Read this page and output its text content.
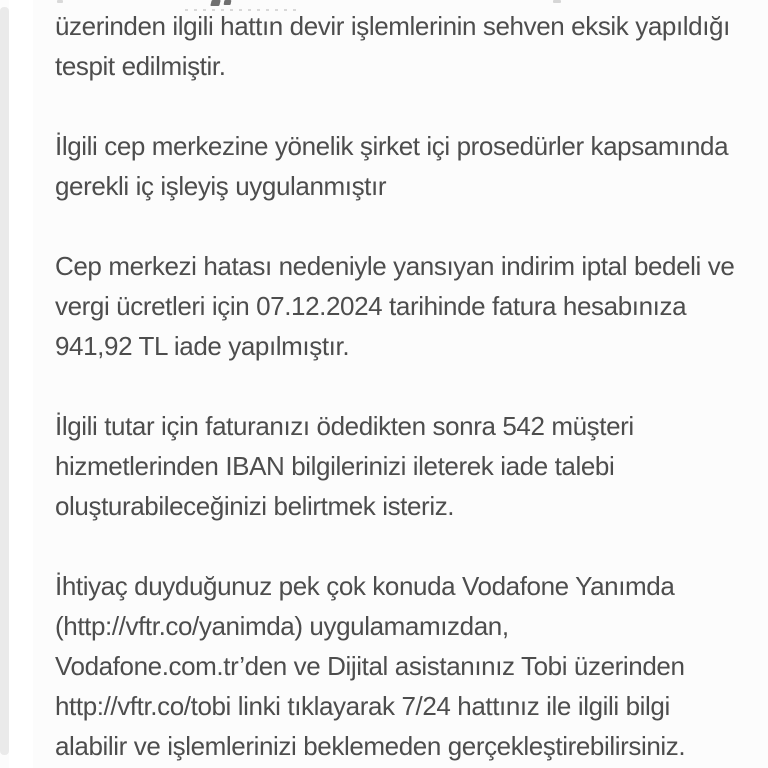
üzerinden ilgili hattın devir işlemlerinin sehven eksik yapıldığı
tespit edilmiştir.
İlgili cep merkezine yönelik şirket içi prosedürler kapsamında
gerekli iç işleyiş uygulanmıştır
Cep merkezi hatası nedeniyle yansıyan indirim iptal bedeli ve
vergi ücretleri için 07.12.2024 tarihinde fatura hesabınıza
941,92 TL iade yapılmıştır.
İlgili tutar için faturanızı ödedikten sonra 542 müşteri
hizmetlerinden IBAN bilgilerinizi ileterek iade talebi
oluşturabileceğinizi belirtmek isteriz.
İhtiyaç duyduğunuz pek çok konuda Vodafone Yanımda
(http://vftr.co/yanimda) uygulamamızdan,
Vodafone.com.tr’den ve Dijital asistanınız Tobi üzerinden
http://vftr.co/tobi linki tıklayarak 7/24 hattınız ile ilgili bilgi
alabilir ve işlemlerinizi beklemeden gerçekleştirebilirsiniz.
